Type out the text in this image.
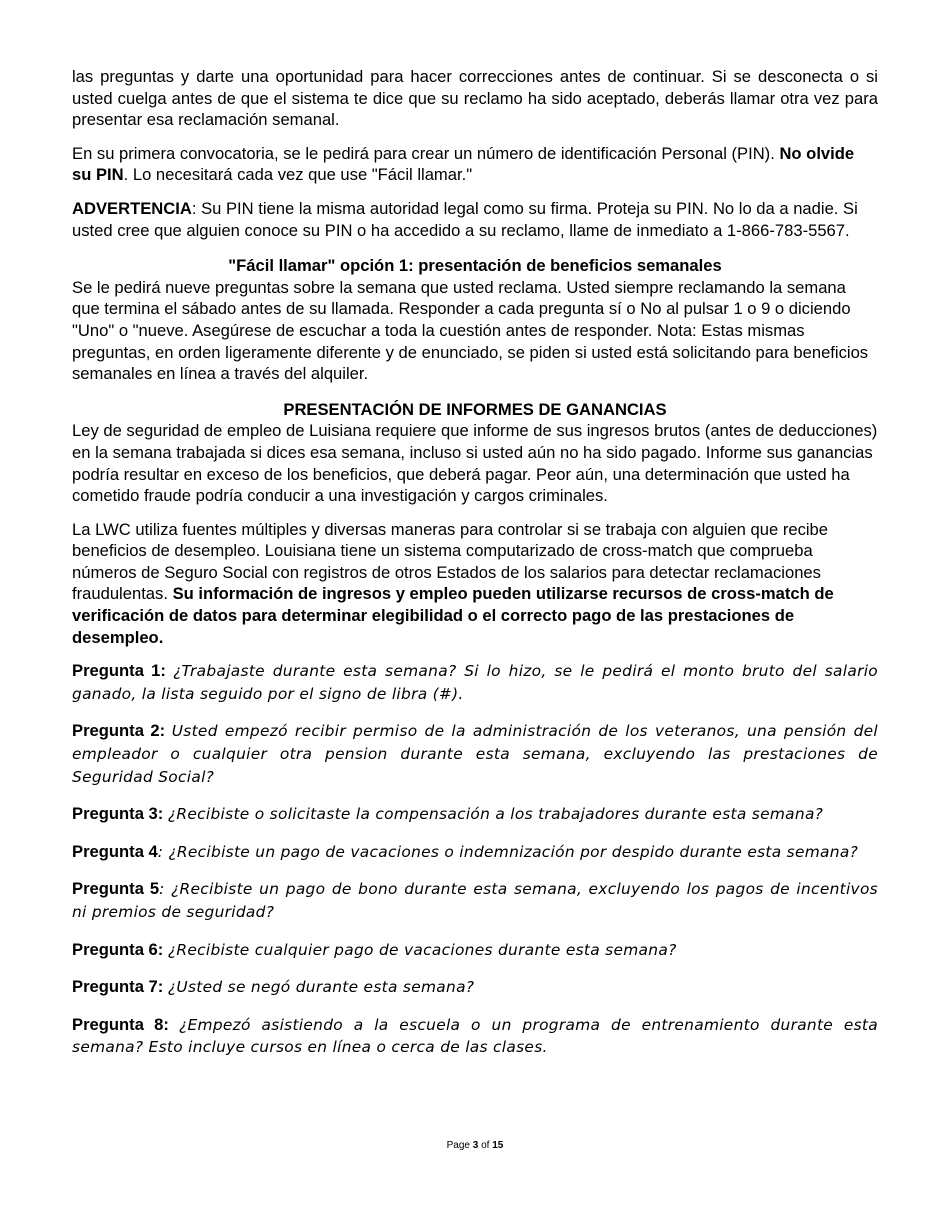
las preguntas y darte una oportunidad para hacer correcciones antes de continuar. Si se desconecta o si usted cuelga antes de que el sistema te dice que su reclamo ha sido aceptado, deberás llamar otra vez para presentar esa reclamación semanal.

En su primera convocatoria, se le pedirá para crear un número de identificación Personal (PIN). No olvide su PIN. Lo necesitará cada vez que use "Fácil llamar."

ADVERTENCIA: Su PIN tiene la misma autoridad legal como su firma. Proteja su PIN. No lo da a nadie. Si usted cree que alguien conoce su PIN o ha accedido a su reclamo, llame de inmediato a 1-866-783-5567.

"Fácil llamar" opción 1: presentación de beneficios semanales

Se le pedirá nueve preguntas sobre la semana que usted reclama. Usted siempre reclamando la semana que termina el sábado antes de su llamada. Responder a cada pregunta sí o No al pulsar 1 o 9 o diciendo "Uno" o "nueve. Asegúrese de escuchar a toda la cuestión antes de responder. Nota: Estas mismas preguntas, en orden ligeramente diferente y de enunciado, se piden si usted está solicitando para beneficios semanales en línea a través del alquiler.

PRESENTACIÓN DE INFORMES DE GANANCIAS

Ley de seguridad de empleo de Luisiana requiere que informe de sus ingresos brutos (antes de deducciones) en la semana trabajada si dices esa semana, incluso si usted aún no ha sido pagado. Informe sus ganancias podría resultar en exceso de los beneficios, que deberá pagar. Peor aún, una determinación que usted ha cometido fraude podría conducir a una investigación y cargos criminales.

La LWC utiliza fuentes múltiples y diversas maneras para controlar si se trabaja con alguien que recibe beneficios de desempleo. Louisiana tiene un sistema computarizado de cross-match que comprueba números de Seguro Social con registros de otros Estados de los salarios para detectar reclamaciones fraudulentas. Su información de ingresos y empleo pueden utilizarse recursos de cross-match de verificación de datos para determinar elegibilidad o el correcto pago de las prestaciones de desempleo.

Pregunta 1: ¿Trabajaste durante esta semana? Si lo hizo, se le pedirá el monto bruto del salario ganado, la lista seguido por el signo de libra (#).

Pregunta 2: Usted empezó recibir permiso de la administración de los veteranos, una pensión del empleador o cualquier otra pension durante esta semana, excluyendo las prestaciones de Seguridad Social?

Pregunta 3: ¿Recibiste o solicitaste la compensación a los trabajadores durante esta semana?

Pregunta 4: ¿Recibiste un pago de vacaciones o indemnización por despido durante esta semana?

Pregunta 5: ¿Recibiste un pago de bono durante esta semana, excluyendo los pagos de incentivos ni premios de seguridad?

Pregunta 6: ¿Recibiste cualquier pago de vacaciones durante esta semana?

Pregunta 7: ¿Usted se negó durante esta semana?

Pregunta 8: ¿Empezó asistiendo a la escuela o un programa de entrenamiento durante esta semana? Esto incluye cursos en línea o cerca de las clases.

Page 3 of 15
